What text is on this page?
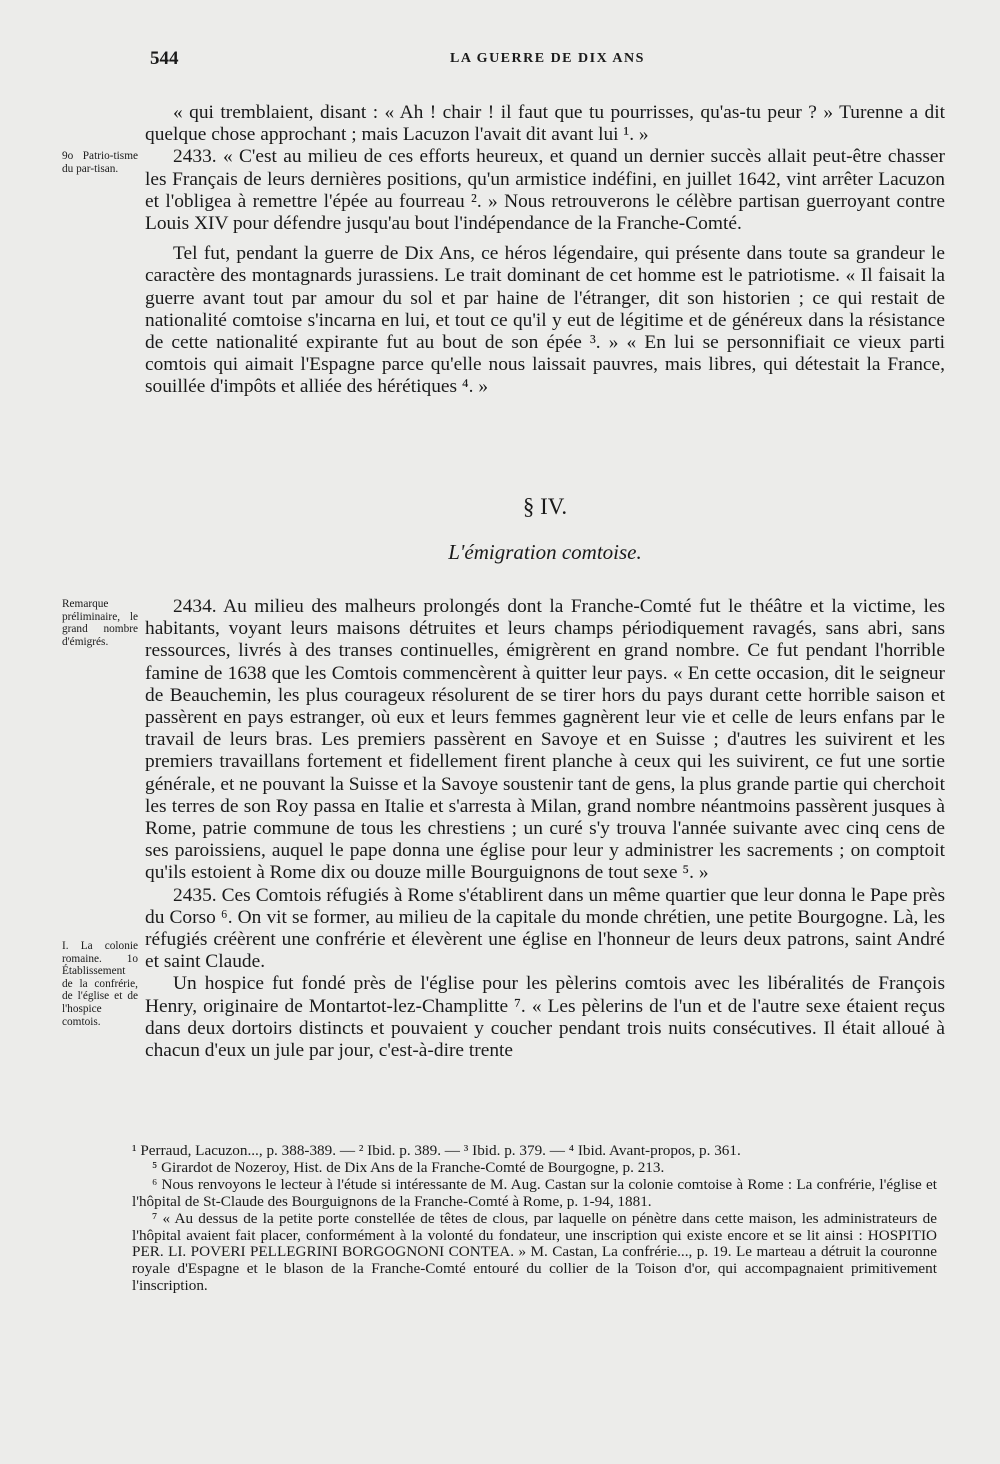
544	LA GUERRE DE DIX ANS

« qui tremblaient, disant : « Ah ! chair ! il faut que tu pourrisses, qu'as-tu peur ? » Turenne a dit quelque chose approchant ; mais Lacuzon l'avait dit avant lui ¹. »

2433. « C'est au milieu de ces efforts heureux, et quand un dernier succès allait peut-être chasser les Français de leurs dernières positions, qu'un armistice indéfini, en juillet 1642, vint arrêter Lacuzon et l'obligea à remettre l'épée au fourreau ². » Nous retrouverons le célèbre partisan guerroyant contre Louis XIV pour défendre jusqu'au bout l'indépendance de la Franche-Comté.

Tel fut, pendant la guerre de Dix Ans, ce héros légendaire, qui présente dans toute sa grandeur le caractère des montagnards jurassiens. Le trait dominant de cet homme est le patriotisme. « Il faisait la guerre avant tout par amour du sol et par haine de l'étranger, dit son historien ; ce qui restait de nationalité comtoise s'incarna en lui, et tout ce qu'il y eut de légitime et de généreux dans la résistance de cette nationalité expirante fut au bout de son épée ³. » « En lui se personnifiait ce vieux parti comtois qui aimait l'Espagne parce qu'elle nous laissait pauvres, mais libres, qui détestait la France, souillée d'impôts et alliée des hérétiques ⁴. »

9o Patrio-tisme du par-tisan.
§ IV.
L'émigration comtoise.
Remarque préliminaire, le grand nombre d'émigrés.

2434. Au milieu des malheurs prolongés dont la Franche-Comté fut le théâtre et la victime, les habitants, voyant leurs maisons détruites et leurs champs périodiquement ravagés, sans abri, sans ressources, livrés à des transes continuelles, émigrèrent en grand nombre. Ce fut pendant l'horrible famine de 1638 que les Comtois commencèrent à quitter leur pays. « En cette occasion, dit le seigneur de Beauchemin, les plus courageux résolurent de se tirer hors du pays durant cette horrible saison et passèrent en pays estranger, où eux et leurs femmes gagnèrent leur vie et celle de leurs enfans par le travail de leurs bras. Les premiers passèrent en Savoye et en Suisse ; d'autres les suivirent et les premiers travaillans fortement et fidellement firent planche à ceux qui les suivirent, ce fut une sortie générale, et ne pouvant la Suisse et la Savoye soustenir tant de gens, la plus grande partie qui cherchoit les terres de son Roy passa en Italie et s'arresta à Milan, grand nombre néantmoins passèrent jusques à Rome, patrie commune de tous les chrestiens ; un curé s'y trouva l'année suivante avec cinq cens de ses paroissiens, auquel le pape donna une église pour leur y administrer les sacrements ; on comptoit qu'ils estoient à Rome dix ou douze mille Bourguignons de tout sexe ⁵. »

2435. Ces Comtois réfugiés à Rome s'établirent dans un même quartier que leur donna le Pape près du Corso ⁶. On vit se former, au milieu de la capitale du monde chrétien, une petite Bourgogne. Là, les réfugiés créèrent une confrérie et élevèrent une église en l'honneur de leurs deux patrons, saint André et saint Claude.

Un hospice fut fondé près de l'église pour les pèlerins comtois avec les libéralités de François Henry, originaire de Montartot-lez-Champlitte ⁷. « Les pèlerins de l'un et de l'autre sexe étaient reçus dans deux dortoirs distincts et pouvaient y coucher pendant trois nuits consécutives. Il était alloué à chacun d'eux un jule par jour, c'est-à-dire trente

I. La colonie romaine. 1o Établissement de la confrérie, de l'église et de l'hospice comtois.

¹ Perraud, Lacuzon..., p. 388-389. — ² Ibid. p. 389. — ³ Ibid. p. 379. — ⁴ Ibid. Avant-propos, p. 361.

⁵ Girardot de Nozeroy, Hist. de Dix Ans de la Franche-Comté de Bourgogne, p. 213.

⁶ Nous renvoyons le lecteur à l'étude si intéressante de M. Aug. Castan sur la colonie comtoise à Rome : La confrérie, l'église et l'hôpital de St-Claude des Bourguignons de la Franche-Comté à Rome, p. 1-94, 1881.

⁷ « Au dessus de la petite porte constellée de têtes de clous, par laquelle on pénètre dans cette maison, les administrateurs de l'hôpital avaient fait placer, conformément à la volonté du fondateur, une inscription qui existe encore et se lit ainsi : HOSPITIO PER. LI. POVERI PELLEGRINI BORGOGNONI CONTEA. » M. Castan, La confrérie..., p. 19. Le marteau a détruit la couronne royale d'Espagne et le blason de la Franche-Comté entouré du collier de la Toison d'or, qui accompagnaient primitivement l'inscription.
